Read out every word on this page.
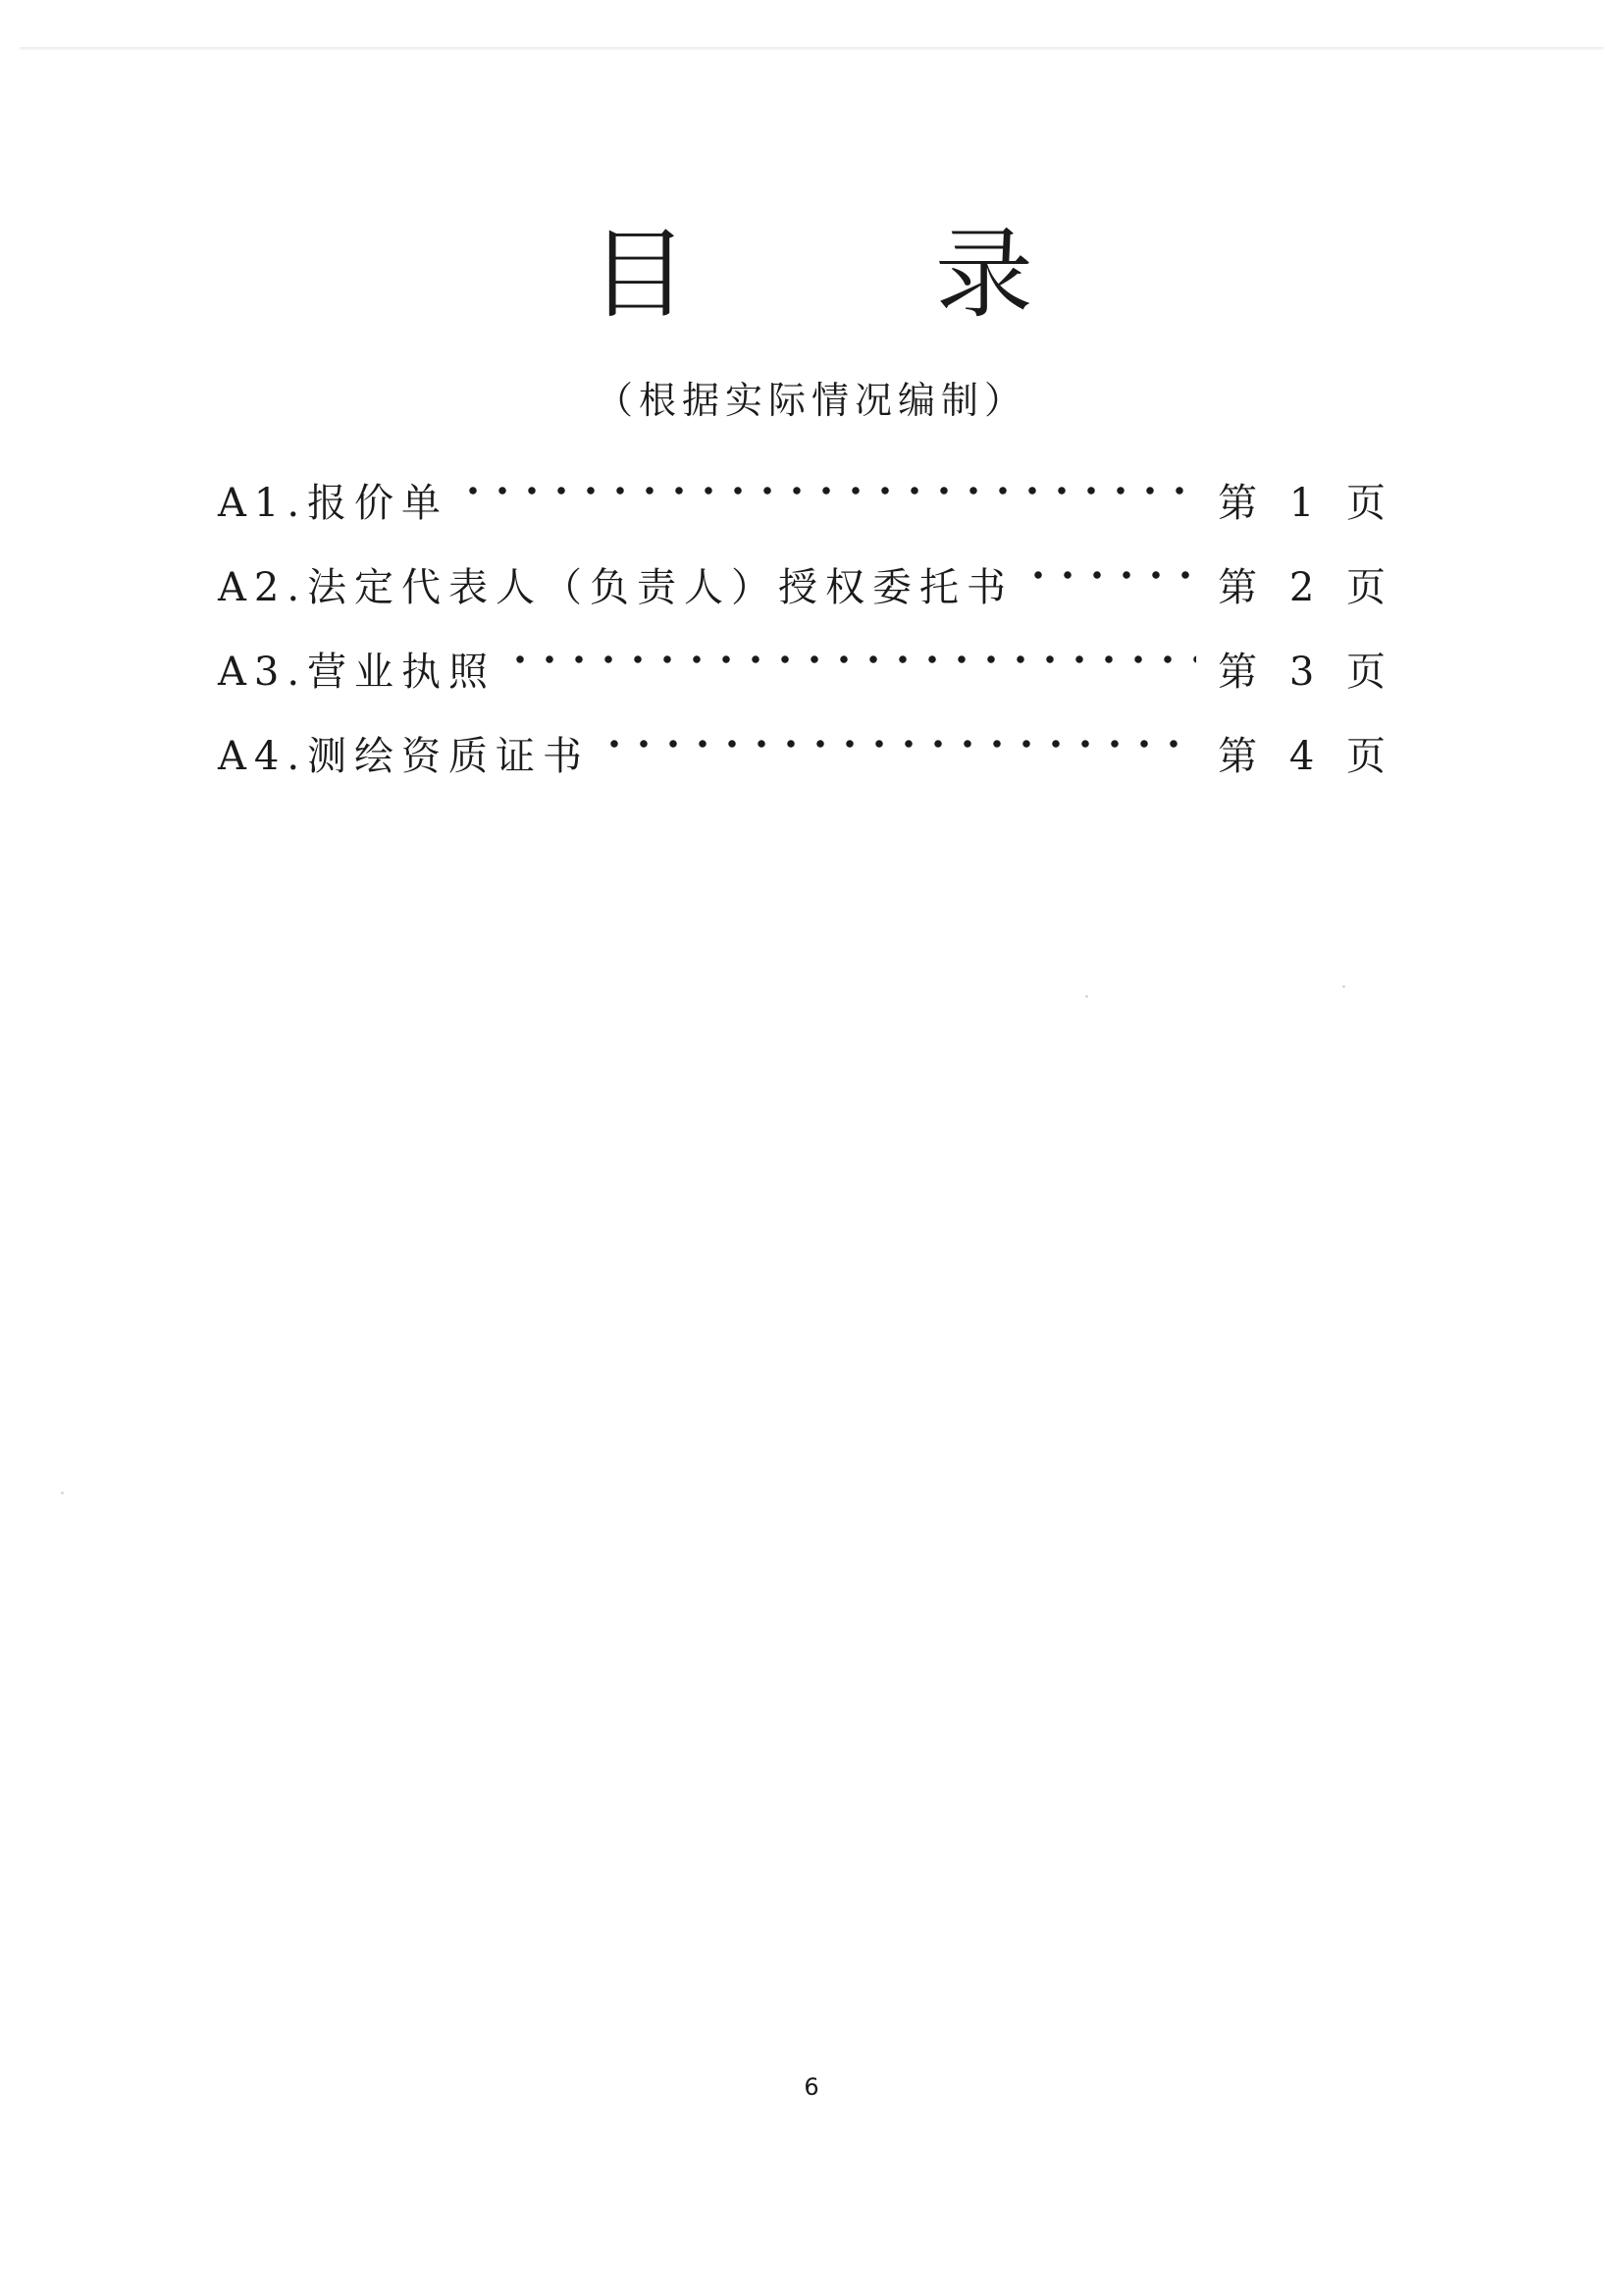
目 录
（根据实际情况编制）
A1.报价单	第 1 页
A2.法定代表人（负责人）授权委托书	第 2 页
A3.营业执照	第 3 页
A4.测绘资质证书	第 4 页
6
